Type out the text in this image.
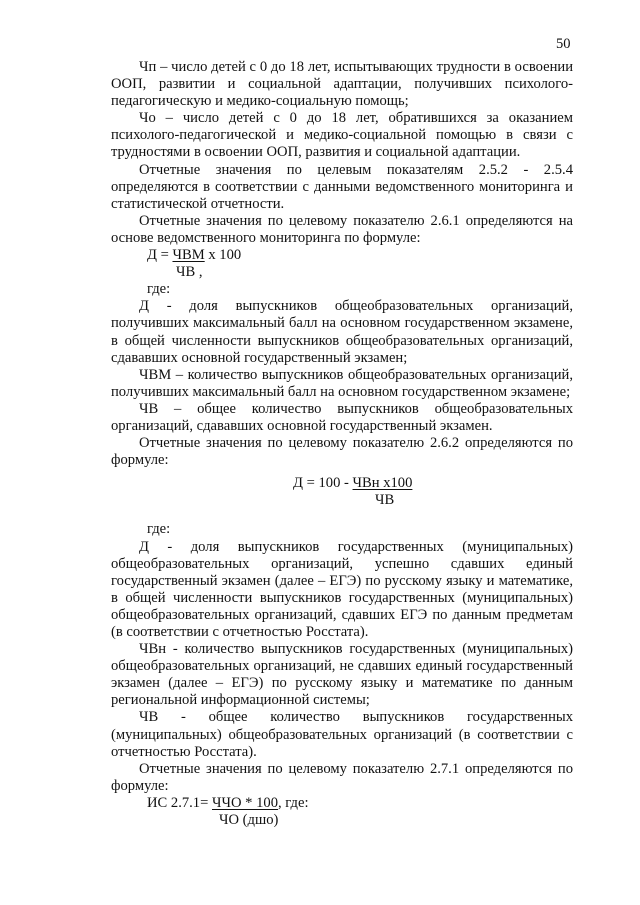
50

Чп – число детей с 0 до 18 лет, испытывающих трудности в освоении ООП, развитии и социальной адаптации, получивших психолого-педагогическую и медико-социальную помощь;

Чо – число детей с 0 до 18 лет, обратившихся за оказанием психолого-педагогической и медико-социальной помощью в связи с трудностями в освоении ООП, развития и социальной адаптации.

Отчетные значения по целевым показателям 2.5.2 - 2.5.4 определяются в соответствии с данными ведомственного мониторинга и статистической отчетности.

Отчетные значения по целевому показателю 2.6.1 определяются на основе ведомственного мониторинга по формуле:

Д = ЧВМ х 100

ЧВ ,

где:

Д - доля выпускников общеобразовательных организаций, получивших максимальный балл на основном государственном экзамене, в общей численности выпускников общеобразовательных организаций, сдававших основной государственный экзамен;

ЧВМ – количество выпускников общеобразовательных организаций, получивших максимальный балл на основном государственном экзамене;

ЧВ – общее количество выпускников общеобразовательных организаций, сдававших основной государственный экзамен.

Отчетные значения по целевому показателю 2.6.2 определяются по формуле:

Д = 100 - ЧВн х100

ЧВ

где:

Д - доля выпускников государственных (муниципальных) общеобразовательных организаций, успешно сдавших единый государственный экзамен (далее – ЕГЭ) по русскому языку и математике, в общей численности выпускников государственных (муниципальных) общеобразовательных организаций, сдавших ЕГЭ по данным предметам (в соответствии с отчетностью Росстата).

ЧВн - количество выпускников государственных (муниципальных) общеобразовательных организаций, не сдавших единый государственный экзамен (далее – ЕГЭ) по русскому языку и математике по данным региональной информационной системы;

ЧВ - общее количество выпускников государственных (муниципальных) общеобразовательных организаций (в соответствии с отчетностью Росстата).

Отчетные значения по целевому показателю 2.7.1 определяются по формуле:

ИС 2.7.1= ЧЧО * 100, где:

ЧО (дшо)
